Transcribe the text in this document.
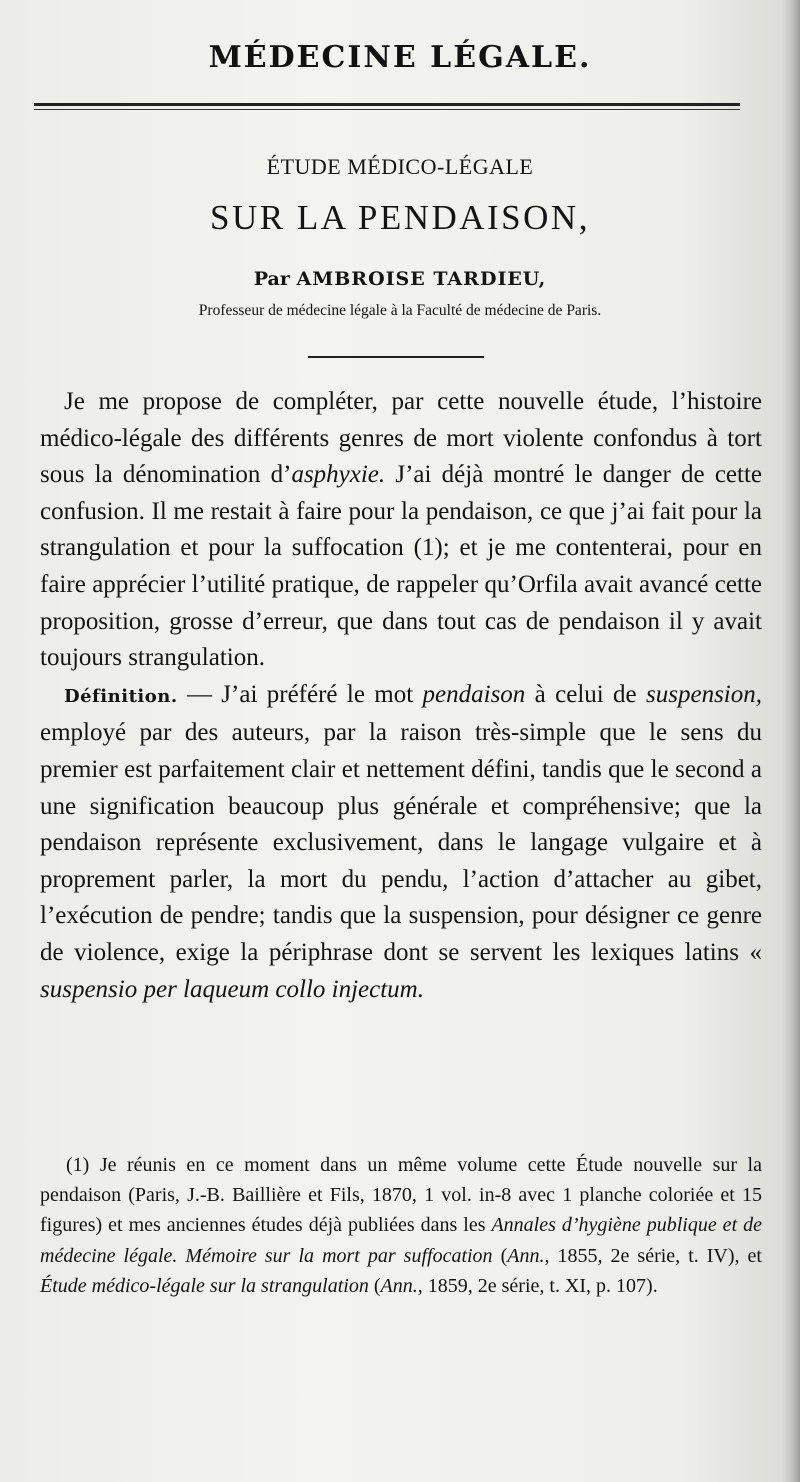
MÉDECINE LÉGALE.
ÉTUDE MÉDICO-LÉGALE
SUR LA PENDAISON,
Par AMBROISE TARDIEU,
Professeur de médecine légale à la Faculté de médecine de Paris.

Je me propose de compléter, par cette nouvelle étude, l’histoire médico-légale des différents genres de mort violente confondus à tort sous la dénomination d’asphyxie. J’ai déjà montré le danger de cette confusion. Il me restait à faire pour la pendaison, ce que j’ai fait pour la strangulation et pour la suffocation (1); et je me contenterai, pour en faire apprécier l’utilité pratique, de rappeler qu’Orfila avait avancé cette proposition, grosse d’erreur, que dans tout cas de pendaison il y avait toujours strangulation.

Définition. — J’ai préféré le mot pendaison à celui de suspension, employé par des auteurs, par la raison très-simple que le sens du premier est parfaitement clair et nettement défini, tandis que le second a une signification beaucoup plus générale et compréhensive; que la pendaison représente exclusivement, dans le langage vulgaire et à proprement parler, la mort du pendu, l’action d’attacher au gibet, l’exécution de pendre; tandis que la suspension, pour désigner ce genre de violence, exige la périphrase dont se servent les lexiques latins « suspensio per laqueum collo injectum.

(1) Je réunis en ce moment dans un même volume cette Étude nouvelle sur la pendaison (Paris, J.-B. Baillière et Fils, 1870, 1 vol. in-8 avec 1 planche coloriée et 15 figures) et mes anciennes études déjà publiées dans les Annales d’hygiène publique et de médecine légale. Mémoire sur la mort par suffocation (Ann., 1855, 2e série, t. IV), et Étude médico-légale sur la strangulation (Ann., 1859, 2e série, t. XI, p. 107).
